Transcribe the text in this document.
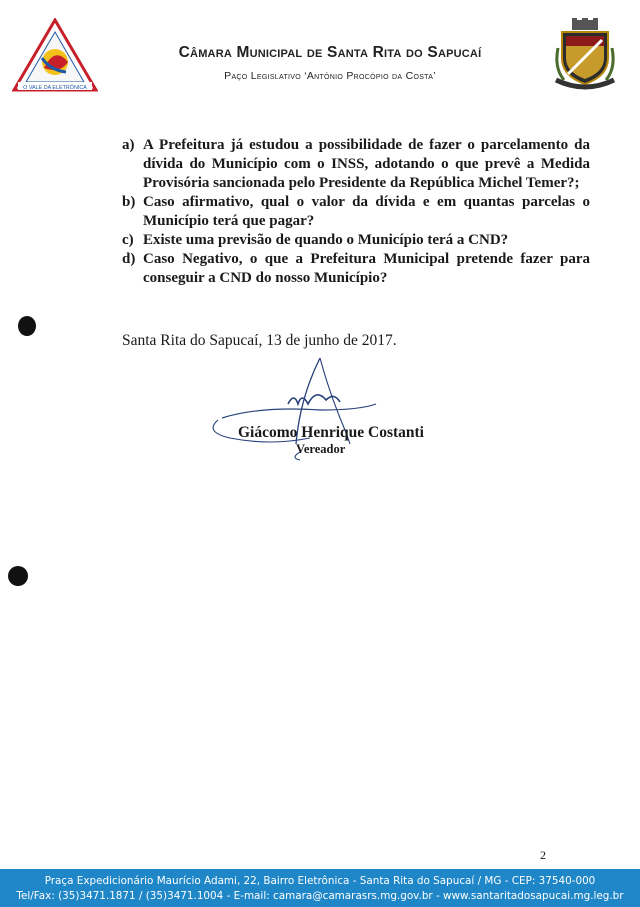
O VALE DA ELETRÔNICA
Câmara Municipal de Santa Rita do Sapucaí
Paço Legislativo ‘Antônio Procópio da Costa’
a) A Prefeitura já estudou a possibilidade de fazer o parcelamento da dívida do Município com o INSS, adotando o que prevê a Medida Provisória sancionada pelo Presidente da República Michel Temer?;
b) Caso afirmativo, qual o valor da dívida e em quantas parcelas o Município terá que pagar?
c) Existe uma previsão de quando o Município terá a CND?
d) Caso Negativo, o que a Prefeitura Municipal pretende fazer para conseguir a CND do nosso Município?
Santa Rita do Sapucaí, 13 de junho de 2017.
Giácomo Henrique Costanti
Vereador
2
Praça Expedicionário Maurício Adami, 22, Bairro Eletrônica - Santa Rita do Sapucaí / MG - CEP: 37540-000
Tel/Fax: (35)3471.1871 / (35)3471.1004 - E-mail: camara@camarasrs.mg.gov.br - www.santaritadosapucai.mg.leg.br
